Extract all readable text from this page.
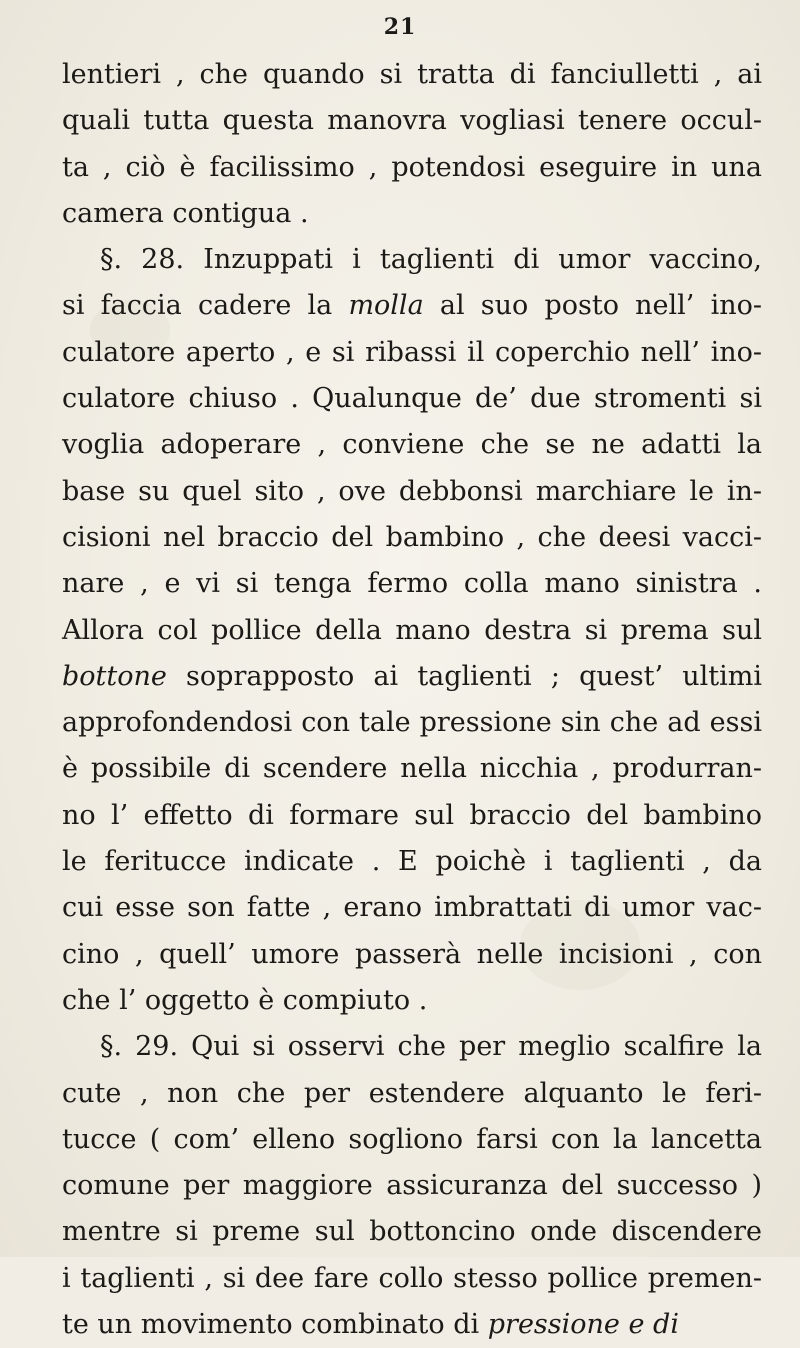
21
lentieri , che quando si tratta di fanciulletti , ai
quali tutta questa manovra vogliasi tenere occul-
ta , ciò è facilissimo , potendosi eseguire in una
camera contigua .
§. 28. Inzuppati i taglienti di umor vaccino,
si faccia cadere la molla al suo posto nell’ ino-
culatore aperto , e si ribassi il coperchio nell’ ino-
culatore chiuso . Qualunque de’ due stromenti si
voglia adoperare , conviene che se ne adatti la
base su quel sito , ove debbonsi marchiare le in-
cisioni nel braccio del bambino , che deesi vacci-
nare , e vi si tenga fermo colla mano sinistra .
Allora col pollice della mano destra si prema sul
bottone soprapposto ai taglienti ; quest’ ultimi
approfondendosi con tale pressione sin che ad essi
è possibile di scendere nella nicchia , produrran-
no l’ effetto di formare sul braccio del bambino
le feritucce indicate . E poichè i taglienti , da
cui esse son fatte , erano imbrattati di umor vac-
cino , quell’ umore passerà nelle incisioni , con
che l’ oggetto è compiuto .
§. 29. Qui si osservi che per meglio scalfire la
cute , non che per estendere alquanto le feri-
tucce ( com’ elleno sogliono farsi con la lancetta
comune per maggiore assicuranza del successo )
mentre si preme sul bottoncino onde discendere
i taglienti , si dee fare collo stesso pollice premen-
te un movimento combinato di pressione e di
